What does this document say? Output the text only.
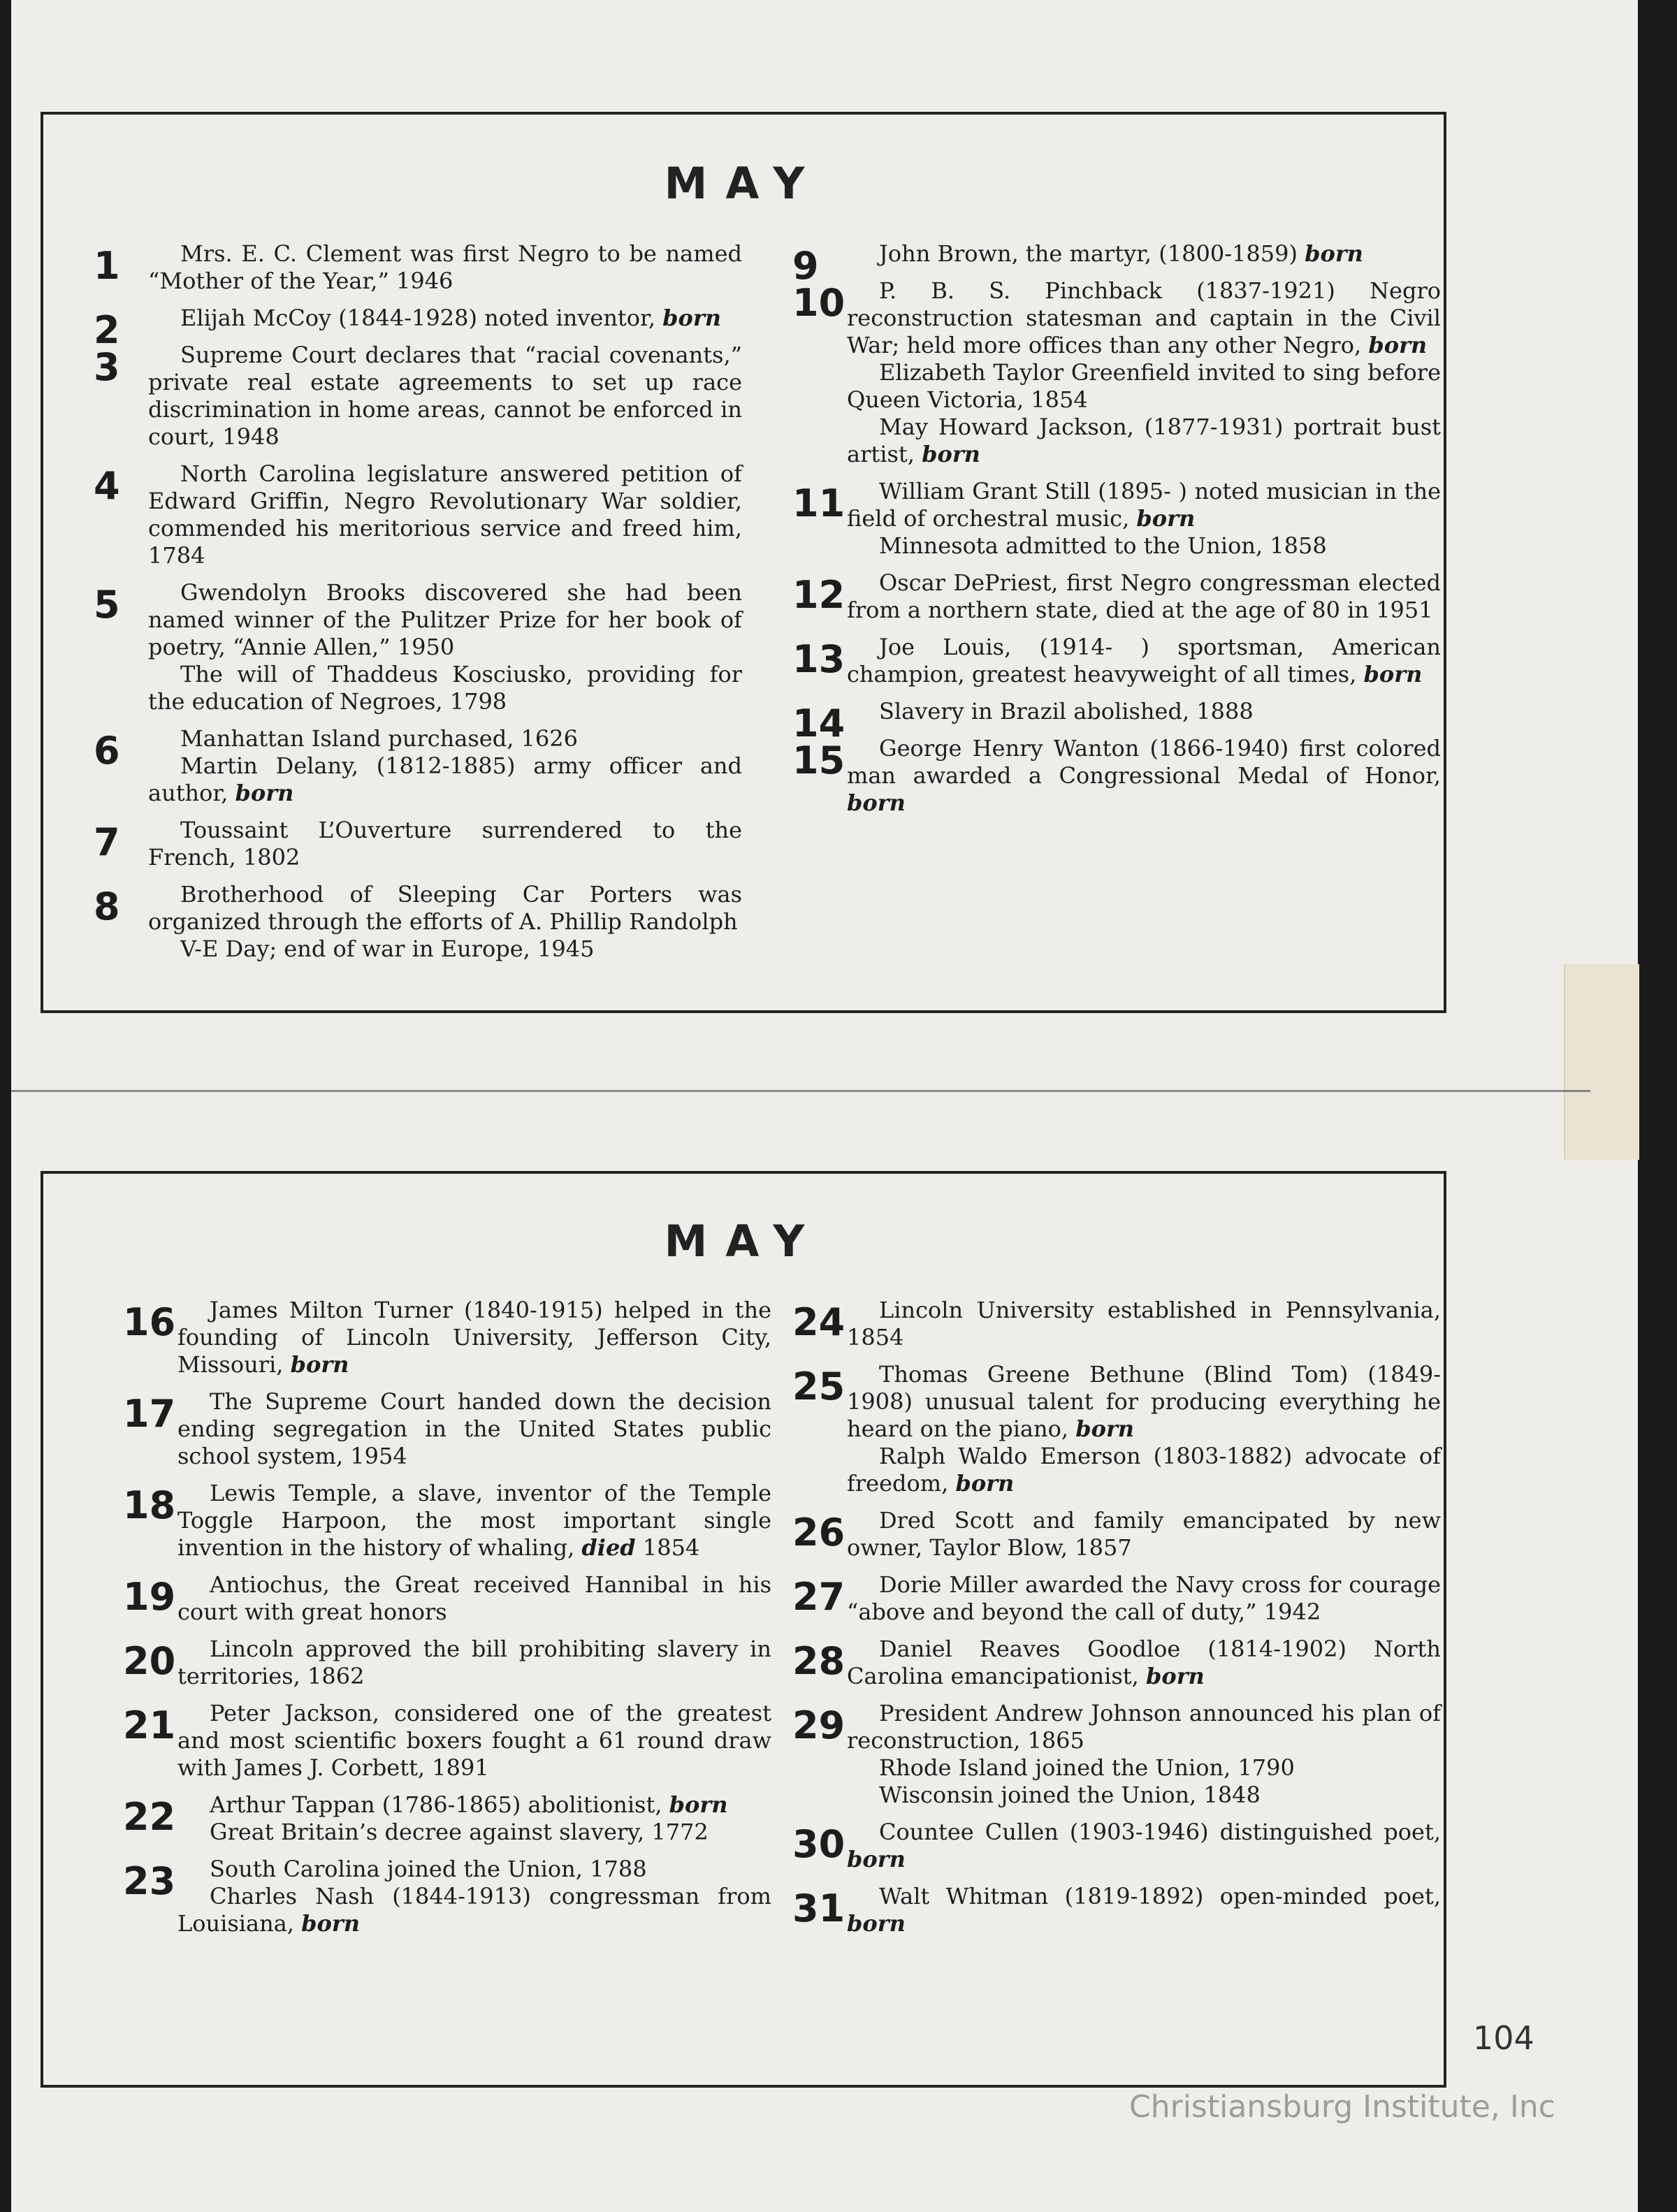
MAY
1	Mrs. E. C. Clement was first Negro to be named “Mother of the Year,” 1946

2	Elijah McCoy (1844-1928) noted inventor, born

3	Supreme Court declares that “racial covenants,” private real estate agreements to set up race discrimination in home areas, cannot be enforced in court, 1948

4	North Carolina legislature answered petition of Edward Griffin, Negro Revolutionary War soldier, commended his meritorious service and freed him, 1784

5	Gwendolyn Brooks discovered she had been named winner of the Pulitzer Prize for her book of poetry, “Annie Allen,” 1950

The will of Thaddeus Kosciusko, providing for the education of Negroes, 1798

6	Manhattan Island purchased, 1626

Martin Delany, (1812-1885) army officer and author, born

7	Toussaint L’Ouverture surrendered to the French, 1802

8	Brotherhood of Sleeping Car Porters was organized through the efforts of A. Phillip Randolph

V-E Day; end of war in Europe, 1945

9	John Brown, the martyr, (1800-1859) born

10	P. B. S. Pinchback (1837-1921) Negro reconstruction statesman and captain in the Civil War; held more offices than any other Negro, born

Elizabeth Taylor Greenfield invited to sing before Queen Victoria, 1854

May Howard Jackson, (1877-1931) portrait bust artist, born

11	William Grant Still (1895- ) noted musician in the field of orchestral music, born

Minnesota admitted to the Union, 1858

12	Oscar DePriest, first Negro congressman elected from a northern state, died at the age of 80 in 1951

13	Joe Louis, (1914- ) sportsman, American champion, greatest heavyweight of all times, born

14	Slavery in Brazil abolished, 1888

15	George Henry Wanton (1866-1940) first colored man awarded a Congressional Medal of Honor, born

MAY
16	James Milton Turner (1840-1915) helped in the founding of Lincoln University, Jefferson City, Missouri, born

17	The Supreme Court handed down the decision ending segregation in the United States public school system, 1954

18	Lewis Temple, a slave, inventor of the Temple Toggle Harpoon, the most important single invention in the history of whaling, died 1854

19	Antiochus, the Great received Hannibal in his court with great honors

20	Lincoln approved the bill prohibiting slavery in territories, 1862

21	Peter Jackson, considered one of the greatest and most scientific boxers fought a 61 round draw with James J. Corbett, 1891

22	Arthur Tappan (1786-1865) abolitionist, born

Great Britain’s decree against slavery, 1772

23	South Carolina joined the Union, 1788

Charles Nash (1844-1913) congressman from Louisiana, born

24	Lincoln University established in Pennsylvania, 1854

25	Thomas Greene Bethune (Blind Tom) (1849-1908) unusual talent for producing everything he heard on the piano, born

Ralph Waldo Emerson (1803-1882) advocate of freedom, born

26	Dred Scott and family emancipated by new owner, Taylor Blow, 1857

27	Dorie Miller awarded the Navy cross for courage “above and beyond the call of duty,” 1942

28	Daniel Reaves Goodloe (1814-1902) North Carolina emancipationist, born

29	President Andrew Johnson announced his plan of reconstruction, 1865

Rhode Island joined the Union, 1790

Wisconsin joined the Union, 1848

30	Countee Cullen (1903-1946) distinguished poet, born

31	Walt Whitman (1819-1892) open-minded poet, born

104
Christiansburg Institute, Inc
